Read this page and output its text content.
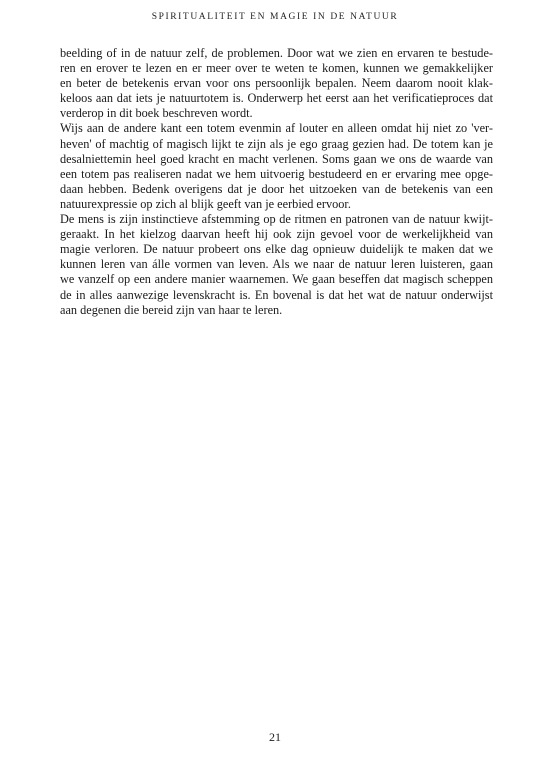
SPIRITUALITEIT EN MAGIE IN DE NATUUR
beelding of in de natuur zelf, de problemen. Door wat we zien en ervaren te bestude-
ren en erover te lezen en er meer over te weten te komen, kunnen we gemakkelijker
en beter de betekenis ervan voor ons persoonlijk bepalen. Neem daarom nooit klak-
keloos aan dat iets je natuurtotem is. Onderwerp het eerst aan het verificatieproces dat
verderop in dit boek beschreven wordt.
Wijs aan de andere kant een totem evenmin af louter en alleen omdat hij niet zo 'ver-
heven' of machtig of magisch lijkt te zijn als je ego graag gezien had. De totem kan je
desalniettemin heel goed kracht en macht verlenen. Soms gaan we ons de waarde van
een totem pas realiseren nadat we hem uitvoerig bestudeerd en er ervaring mee opge-
daan hebben. Bedenk overigens dat je door het uitzoeken van de betekenis van een
natuurexpressie op zich al blijk geeft van je eerbied ervoor.
De mens is zijn instinctieve afstemming op de ritmen en patronen van de natuur kwijt-
geraakt. In het kielzog daarvan heeft hij ook zijn gevoel voor de werkelijkheid van
magie verloren. De natuur probeert ons elke dag opnieuw duidelijk te maken dat we
kunnen leren van álle vormen van leven. Als we naar de natuur leren luisteren, gaan
we vanzelf op een andere manier waarnemen. We gaan beseffen dat magisch scheppen
de in alles aanwezige levenskracht is. En bovenal is dat het wat de natuur onderwijst
aan degenen die bereid zijn van haar te leren.
21
